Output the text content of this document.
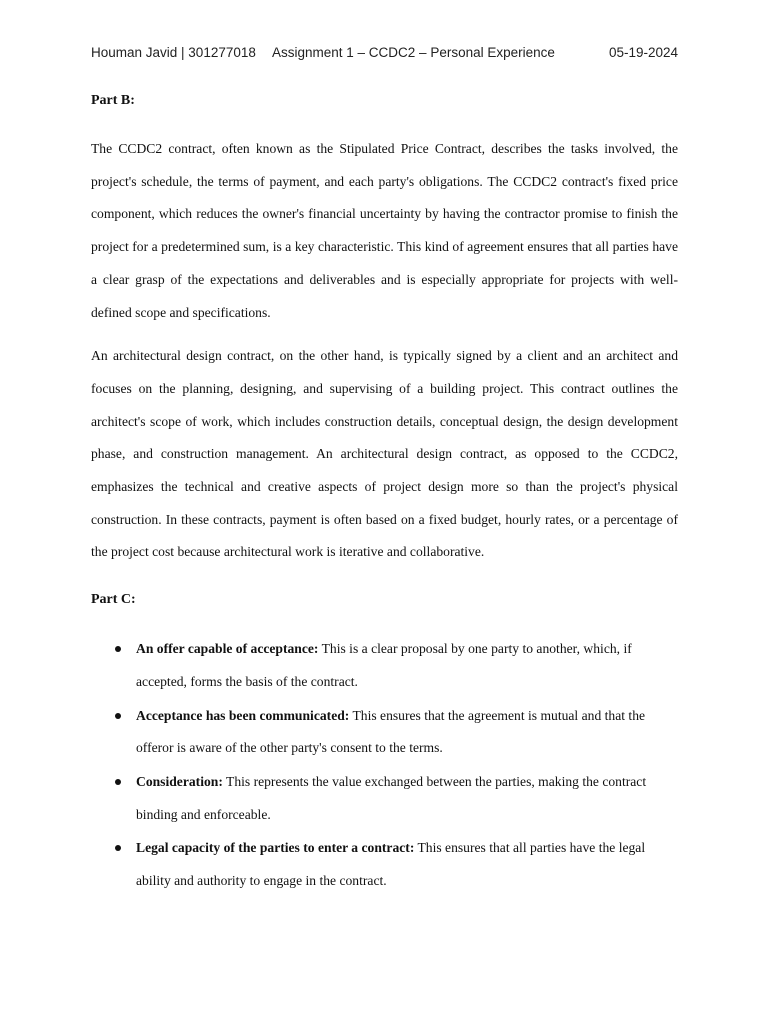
Houman Javid | 301277018 Assignment 1 – CCDC2 – Personal Experience	05-19-2024
Part B:

The CCDC2 contract, often known as the Stipulated Price Contract, describes the tasks involved, the project's schedule, the terms of payment, and each party's obligations. The CCDC2 contract's fixed price component, which reduces the owner's financial uncertainty by having the contractor promise to finish the project for a predetermined sum, is a key characteristic. This kind of agreement ensures that all parties have a clear grasp of the expectations and deliverables and is especially appropriate for projects with well-defined scope and specifications.

An architectural design contract, on the other hand, is typically signed by a client and an architect and focuses on the planning, designing, and supervising of a building project. This contract outlines the architect's scope of work, which includes construction details, conceptual design, the design development phase, and construction management. An architectural design contract, as opposed to the CCDC2, emphasizes the technical and creative aspects of project design more so than the project's physical construction. In these contracts, payment is often based on a fixed budget, hourly rates, or a percentage of the project cost because architectural work is iterative and collaborative.

Part C:
An offer capable of acceptance: This is a clear proposal by one party to another, which, if accepted, forms the basis of the contract.
Acceptance has been communicated: This ensures that the agreement is mutual and that the offeror is aware of the other party's consent to the terms.
Consideration: This represents the value exchanged between the parties, making the contract binding and enforceable.
Legal capacity of the parties to enter a contract: This ensures that all parties have the legal ability and authority to engage in the contract.
